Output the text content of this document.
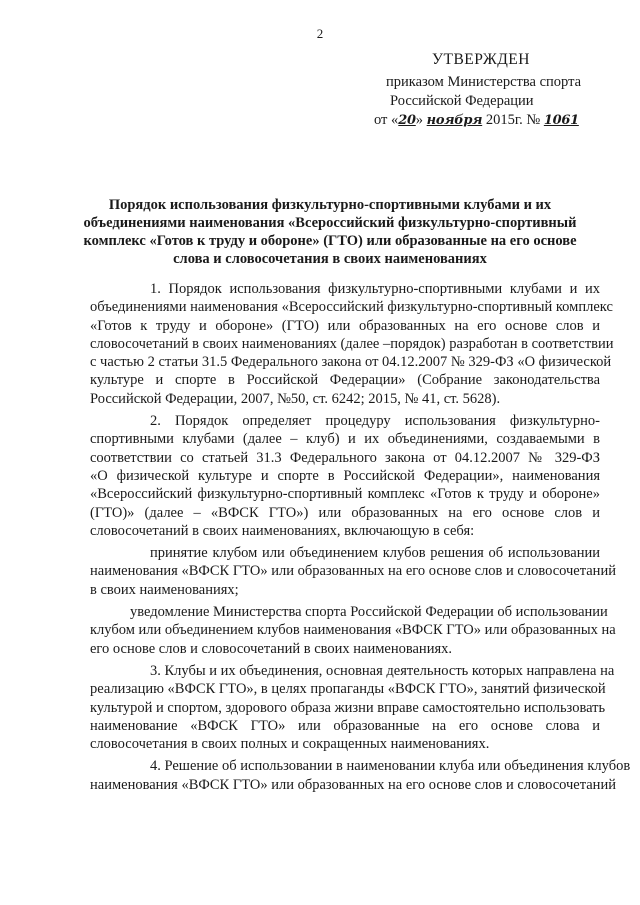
2
УТВЕРЖДЕН
приказом Министерства спорта
Российской Федерации
от «20» ноября 2015г. № 1061
Порядок использования физкультурно-спортивными клубами и их
объединениями наименования «Всероссийский физкультурно-спортивный
комплекс «Готов к труду и обороне» (ГТО) или образованные на его основе
слова и словосочетания в своих наименованиях
1. Порядок использования физкультурно-спортивными клубами и их
объединениями наименования «Всероссийский физкультурно-спортивный комплекс
«Готов к труду и обороне» (ГТО) или образованных на его основе слов и
словосочетаний в своих наименованиях (далее –порядок) разработан в соответствии
с частью 2 статьи 31.5 Федерального закона от 04.12.2007 № 329-ФЗ «О физической
культуре и спорте в Российской Федерации» (Собрание законодательства
Российской Федерации, 2007, №50, ст. 6242; 2015, № 41, ст. 5628).
2. Порядок определяет процедуру использования физкультурно-
спортивными клубами (далее – клуб) и их объединениями, создаваемыми в
соответствии со статьей 31.3 Федерального закона от 04.12.2007 № 329-ФЗ
«О физической культуре и спорте в Российской Федерации», наименования
«Всероссийский физкультурно-спортивный комплекс «Готов к труду и обороне»
(ГТО)» (далее – «ВФСК ГТО») или образованных на его основе слов и
словосочетаний в своих наименованиях, включающую в себя:
принятие клубом или объединением клубов решения об использовании
наименования «ВФСК ГТО» или образованных на его основе слов и словосочетаний
в своих наименованиях;
уведомление Министерства спорта Российской Федерации об использовании
клубом или объединением клубов наименования «ВФСК ГТО» или образованных на
его основе слов и словосочетаний в своих наименованиях.
3. Клубы и их объединения, основная деятельность которых направлена на
реализацию «ВФСК ГТО», в целях пропаганды «ВФСК ГТО», занятий физической
культурой и спортом, здорового образа жизни вправе самостоятельно использовать
наименование «ВФСК ГТО» или образованные на его основе слова и
словосочетания в своих полных и сокращенных наименованиях.
4. Решение об использовании в наименовании клуба или объединения клубов
наименования «ВФСК ГТО» или образованных на его основе слов и словосочетаний
